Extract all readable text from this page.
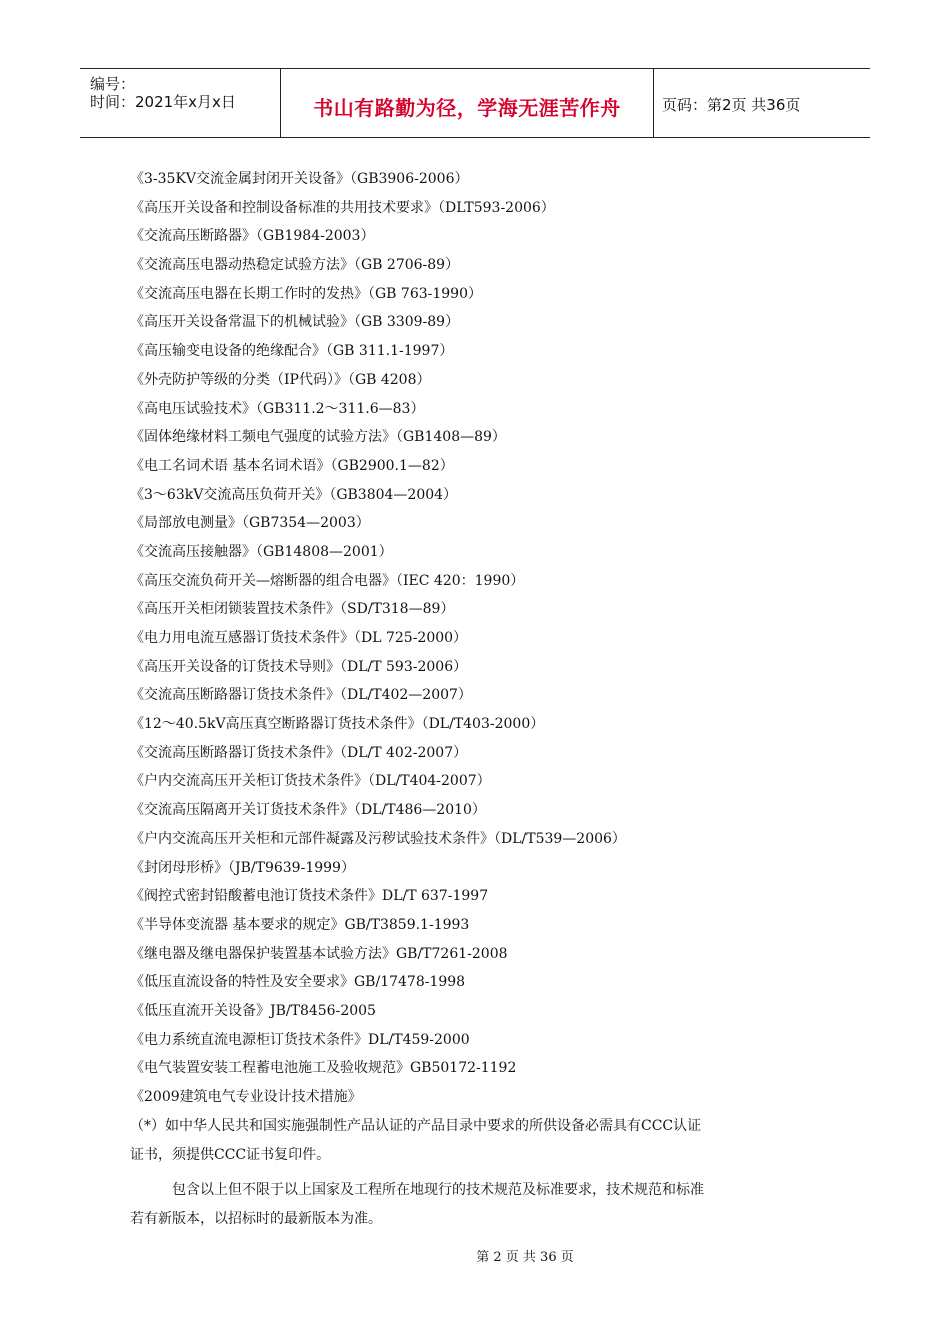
编号：
时间：2021年x月x日	书山有路勤为径，学海无涯苦作舟	页码：第2页 共36页
《3-35KV交流金属封闭开关设备》（GB3906-2006）
《高压开关设备和控制设备标准的共用技术要求》（DLT593-2006）
《交流高压断路器》（GB1984-2003）
《交流高压电器动热稳定试验方法》（GB 2706-89）
《交流高压电器在长期工作时的发热》（GB 763-1990）
《高压开关设备常温下的机械试验》（GB 3309-89）
《高压输变电设备的绝缘配合》（GB 311.1-1997）
《外壳防护等级的分类（IP代码）》（GB 4208）
《高电压试验技术》（GB311.2～311.6—83）
《固体绝缘材料工频电气强度的试验方法》（GB1408—89）
《电工名词术语 基本名词术语》（GB2900.1—82）
《3～63kV交流高压负荷开关》（GB3804—2004）
《局部放电测量》（GB7354—2003）
《交流高压接触器》（GB14808—2001）
《高压交流负荷开关—熔断器的组合电器》（IEC 420：1990）
《高压开关柜闭锁装置技术条件》（SD/T318—89）
《电力用电流互感器订货技术条件》（DL 725-2000）
《高压开关设备的订货技术导则》（DL/T 593-2006）
《交流高压断路器订货技术条件》（DL/T402—2007）
《12～40.5kV高压真空断路器订货技术条件》（DL/T403-2000）
《交流高压断路器订货技术条件》（DL/T 402-2007）
《户内交流高压开关柜订货技术条件》（DL/T404-2007）
《交流高压隔离开关订货技术条件》（DL/T486—2010）
《户内交流高压开关柜和元部件凝露及污秽试验技术条件》（DL/T539—2006）
《封闭母形桥》（JB/T9639-1999）
《阀控式密封铅酸蓄电池订货技术条件》DL/T 637-1997
《半导体变流器 基本要求的规定》GB/T3859.1-1993
《继电器及继电器保护装置基本试验方法》GB/T7261-2008
《低压直流设备的特性及安全要求》GB/17478-1998
《低压直流开关设备》JB/T8456-2005
《电力系统直流电源柜订货技术条件》DL/T459-2000
《电气装置安装工程蓄电池施工及验收规范》GB50172-1192
《2009建筑电气专业设计技术措施》
（*）如中华人民共和国实施强制性产品认证的产品目录中要求的所供设备必需具有CCC认证
证书，须提供CCC证书复印件。
包含以上但不限于以上国家及工程所在地现行的技术规范及标准要求，技术规范和标准
若有新版本，以招标时的最新版本为准。
第 2 页 共 36 页
